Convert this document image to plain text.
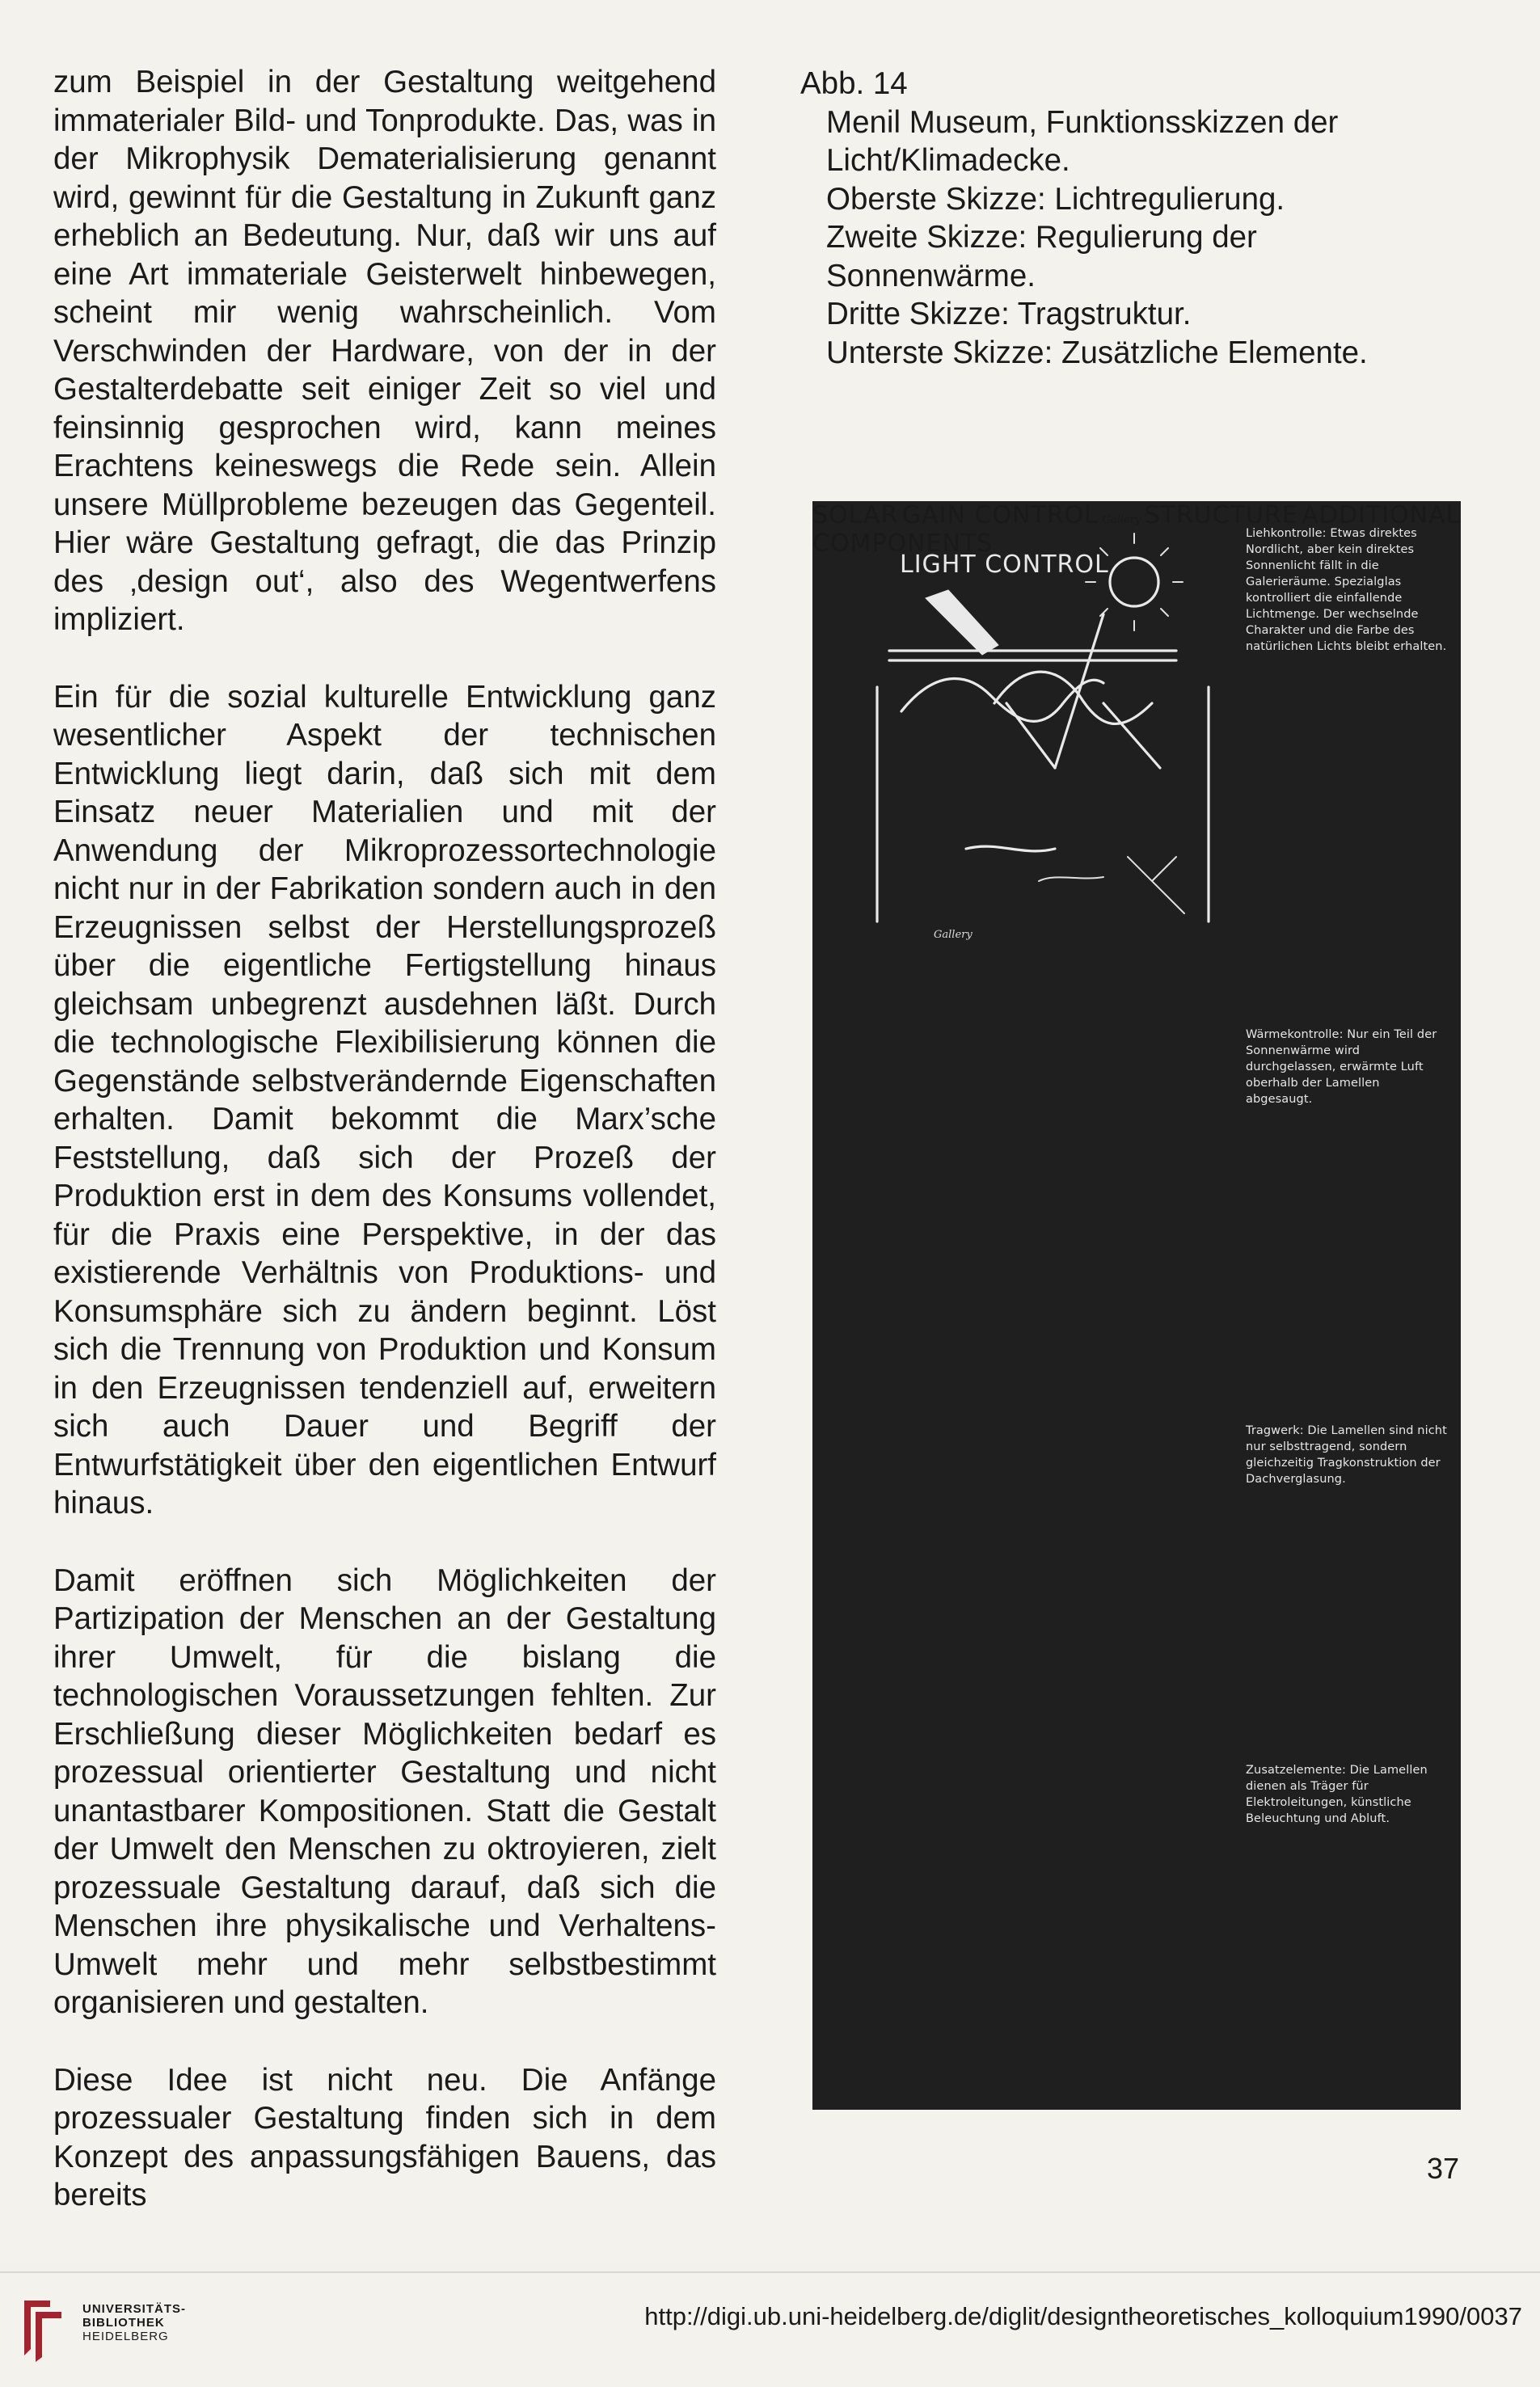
zum Beispiel in der Gestaltung weitgehend immaterialer Bild- und Tonprodukte. Das, was in der Mikrophysik Dematerialisierung genannt wird, gewinnt für die Gestaltung in Zukunft ganz erheblich an Bedeutung. Nur, daß wir uns auf eine Art immateriale Geisterwelt hinbewegen, scheint mir wenig wahrscheinlich. Vom Verschwinden der Hardware, von der in der Gestalterdebatte seit einiger Zeit so viel und feinsinnig gesprochen wird, kann meines Erachtens keineswegs die Rede sein. Allein unsere Müllprobleme bezeugen das Gegenteil. Hier wäre Gestaltung gefragt, die das Prinzip des ‚design out‘, also des Wegentwerfens impliziert.

Ein für die sozial kulturelle Entwicklung ganz wesentlicher Aspekt der technischen Entwicklung liegt darin, daß sich mit dem Einsatz neuer Materialien und mit der Anwendung der Mikroprozessortechnologie nicht nur in der Fabrikation sondern auch in den Erzeugnissen selbst der Herstellungsprozeß über die eigentliche Fertigstellung hinaus gleichsam unbegrenzt ausdehnen läßt. Durch die technologische Flexibilisierung können die Gegenstände selbstverändernde Eigenschaften erhalten. Damit bekommt die Marx’sche Feststellung, daß sich der Prozeß der Produktion erst in dem des Konsums vollendet, für die Praxis eine Perspektive, in der das existierende Verhältnis von Produktions- und Konsumsphäre sich zu ändern beginnt. Löst sich die Trennung von Produktion und Konsum in den Erzeugnissen tendenziell auf, erweitern sich auch Dauer und Begriff der Entwurfstätigkeit über den eigentlichen Entwurf hinaus.

Damit eröffnen sich Möglichkeiten der Partizipation der Menschen an der Gestaltung ihrer Umwelt, für die bislang die technologischen Voraussetzungen fehlten. Zur Erschließung dieser Möglichkeiten bedarf es prozessual orientierter Gestaltung und nicht unantastbarer Kompositionen. Statt die Gestalt der Umwelt den Menschen zu oktroyieren, zielt prozessuale Gestaltung darauf, daß sich die Menschen ihre physikalische und Verhaltens-Umwelt mehr und mehr selbstbestimmt organisieren und gestalten.

Diese Idee ist nicht neu. Die Anfänge prozessualer Gestaltung finden sich in dem Konzept des anpassungsfähigen Bauens, das bereits

Abb. 14
Menil Museum, Funktionsskizzen der Licht/Klimadecke.
Oberste Skizze: Lichtregulierung.
Zweite Skizze: Regulierung der Sonnenwärme.
Dritte Skizze: Tragstruktur.
Unterste Skizze: Zusätzliche Elemente.
LIGHT CONTROL
Gallery
SOLAR GAIN CONTROL Gallery STRUCTURE ADDITIONAL COMPONENTS	Liehkontrolle: Etwas direktes Nordlicht, aber kein direktes Sonnenlicht fällt in die Galerieräume. Spezialglas kontrolliert die einfallende Lichtmenge. Der wechselnde Charakter und die Farbe des natürlichen Lichts bleibt erhalten.
Wärmekontrolle: Nur ein Teil der Sonnenwärme wird durchgelassen, erwärmte Luft oberhalb der Lamellen abgesaugt.
Tragwerk: Die Lamellen sind nicht nur selbsttragend, sondern gleichzeitig Tragkonstruktion der Dachverglasung.
Zusatzelemente: Die Lamellen dienen als Träger für Elektroleitungen, künstliche Beleuchtung und Abluft.
37
UNIVERSITÄTS-
BIBLIOTHEK
HEIDELBERG
http://digi.ub.uni-heidelberg.de/diglit/designtheoretisches_kolloquium1990/0037
